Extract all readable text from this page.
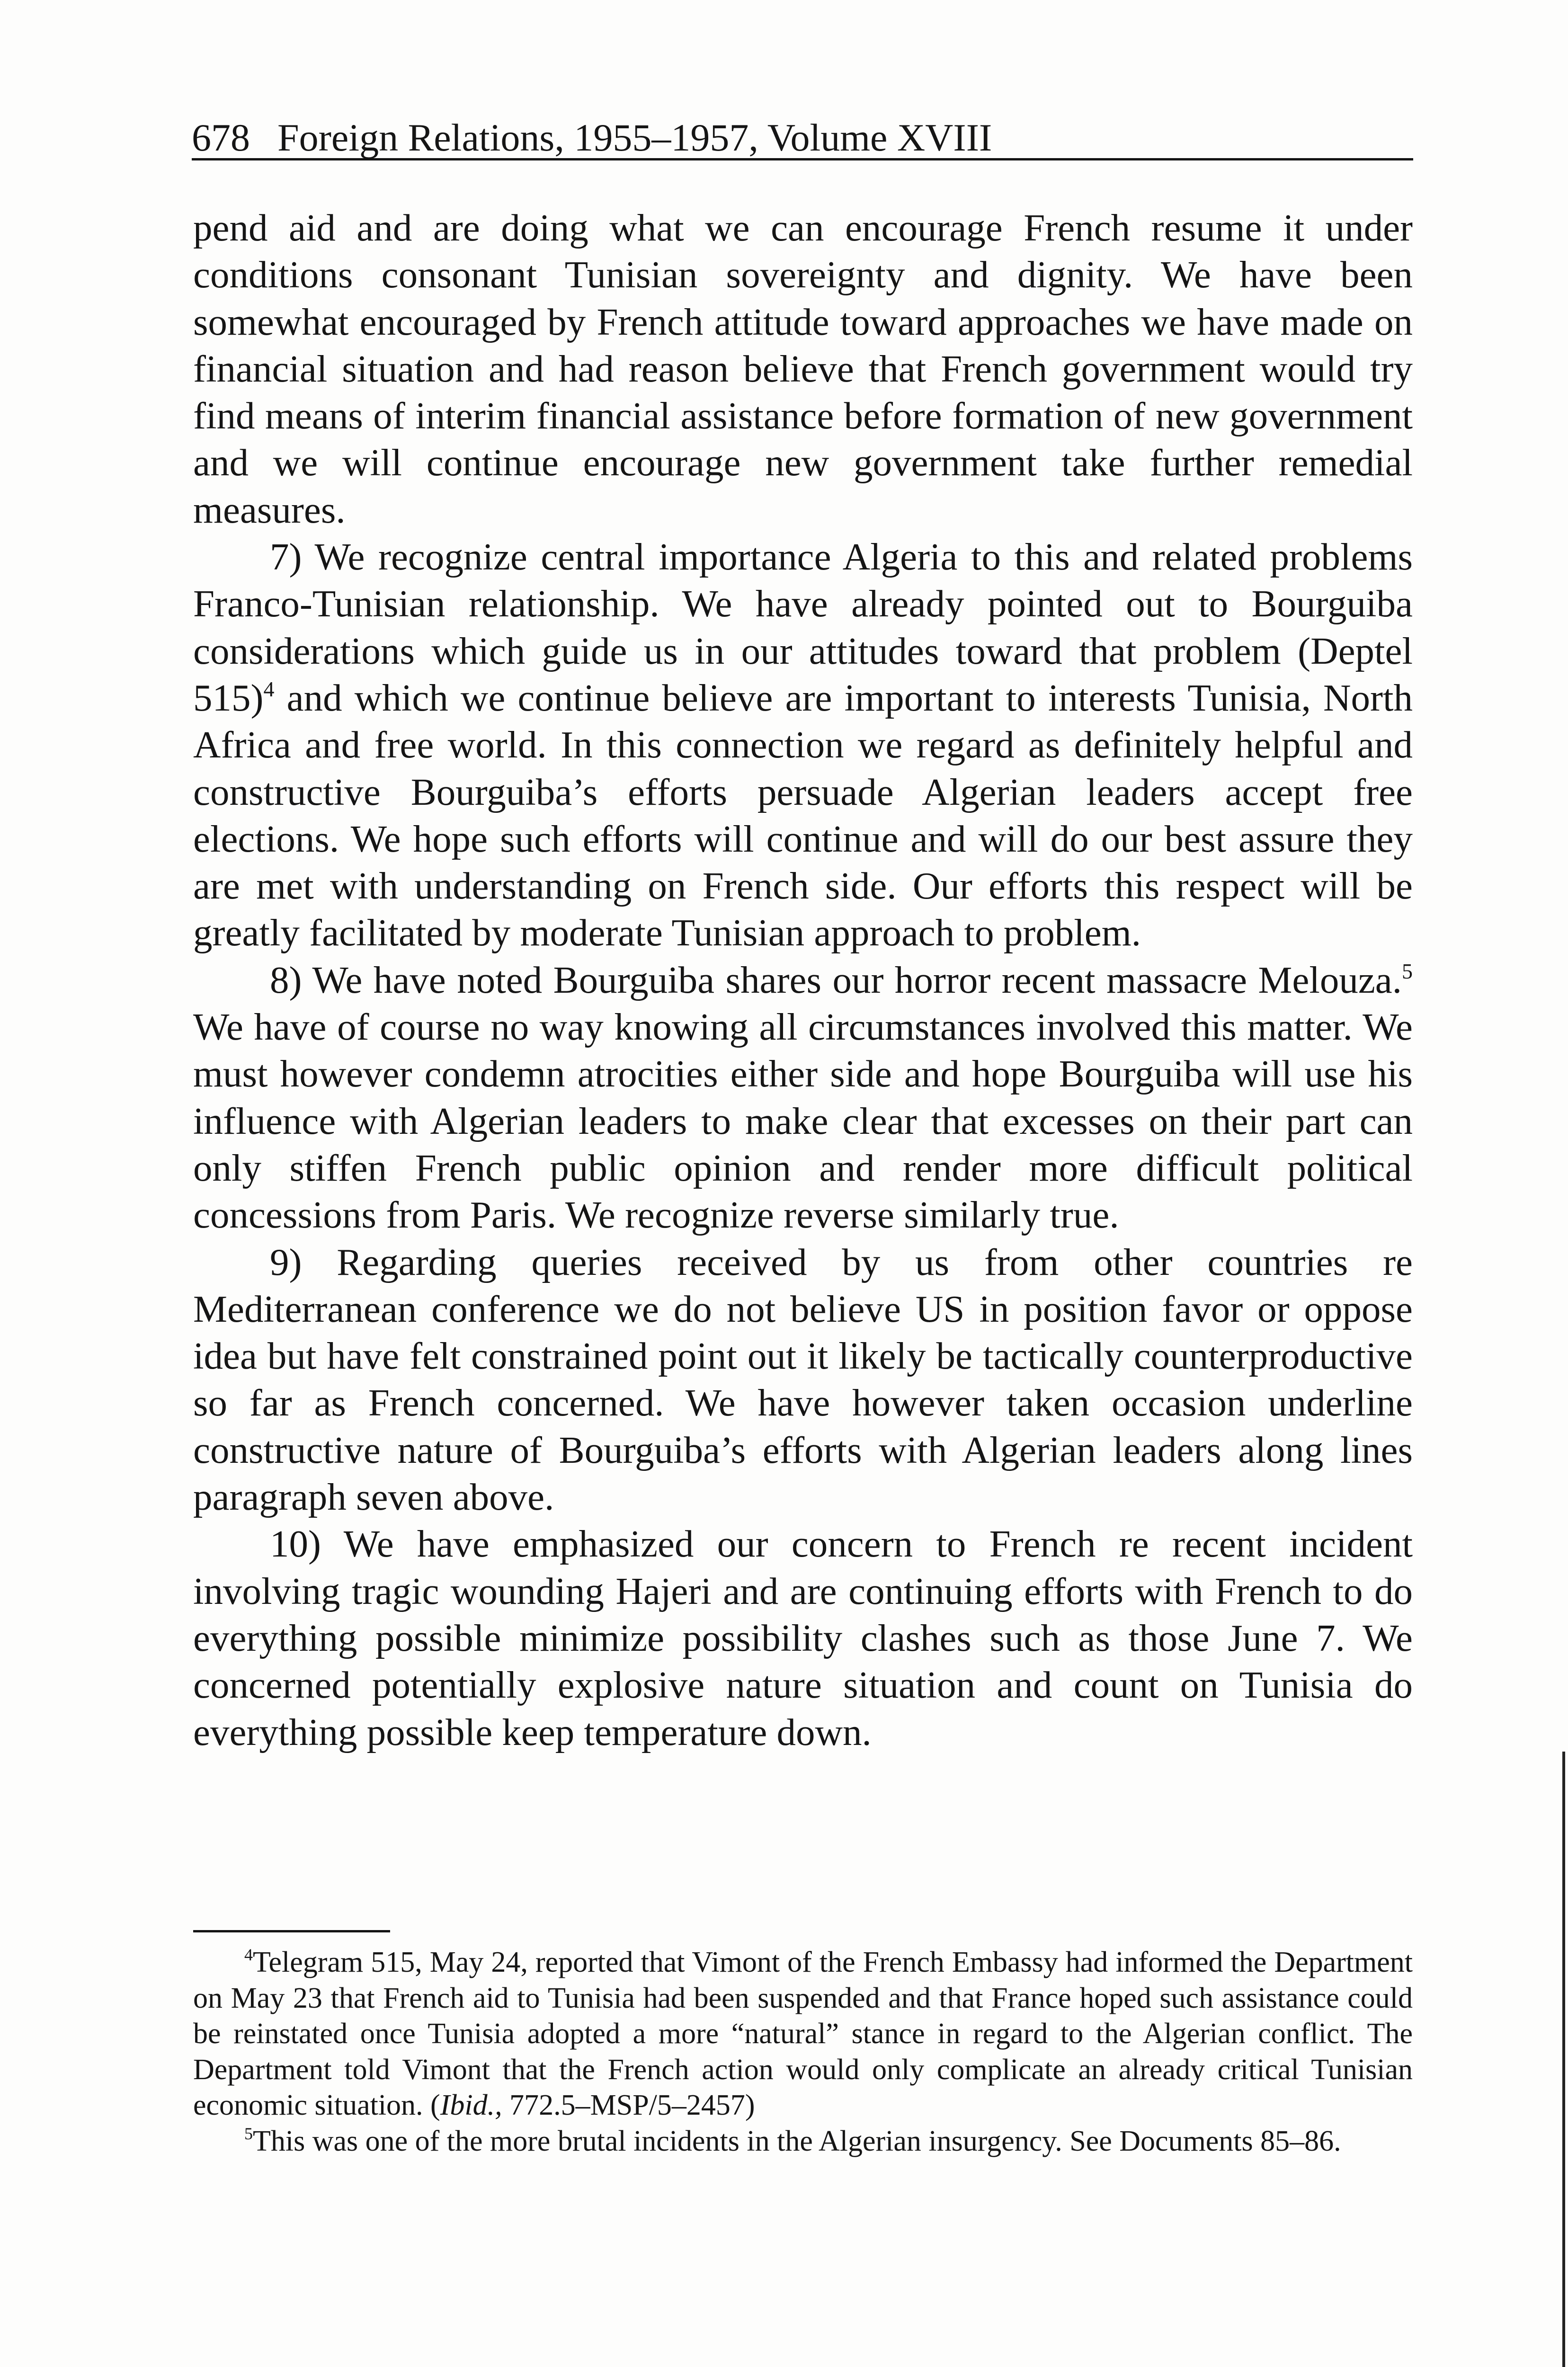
678 Foreign Relations, 1955–1957, Volume XVIII

pend aid and are doing what we can encourage French resume it under conditions consonant Tunisian sovereignty and dignity. We have been somewhat encouraged by French attitude toward approaches we have made on financial situation and had reason believe that French government would try find means of interim financial assistance before formation of new government and we will continue encourage new government take further remedial measures.

7) We recognize central importance Algeria to this and related problems Franco-Tunisian relationship. We have already pointed out to Bourguiba considerations which guide us in our attitudes toward that problem (Deptel 515)$^4$ and which we continue believe are important to interests Tunisia, North Africa and free world. In this connection we regard as definitely helpful and constructive Bourguiba’s efforts persuade Algerian leaders accept free elections. We hope such efforts will continue and will do our best assure they are met with understanding on French side. Our efforts this respect will be greatly facilitated by moderate Tunisian approach to problem.

8) We have noted Bourguiba shares our horror recent massacre Melouza.$^5$ We have of course no way knowing all circumstances involved this matter. We must however condemn atrocities either side and hope Bourguiba will use his influence with Algerian leaders to make clear that excesses on their part can only stiffen French public opinion and render more difficult political concessions from Paris. We recognize reverse similarly true.

9) Regarding queries received by us from other countries re Mediterranean conference we do not believe US in position favor or oppose idea but have felt constrained point out it likely be tactically counterproductive so far as French concerned. We have however taken occasion underline constructive nature of Bourguiba’s efforts with Algerian leaders along lines paragraph seven above.

10) We have emphasized our concern to French re recent incident involving tragic wounding Hajeri and are continuing efforts with French to do everything possible minimize possibility clashes such as those June 7. We concerned potentially explosive nature situation and count on Tunisia do everything possible keep temperature down.

$^4$Telegram 515, May 24, reported that Vimont of the French Embassy had informed the Department on May 23 that French aid to Tunisia had been suspended and that France hoped such assistance could be reinstated once Tunisia adopted a more “natural” stance in regard to the Algerian conflict. The Department told Vimont that the French action would only complicate an already critical Tunisian economic situation. (Ibid., 772.5–MSP/5–2457)

$^5$This was one of the more brutal incidents in the Algerian insurgency. See Documents 85–86.
